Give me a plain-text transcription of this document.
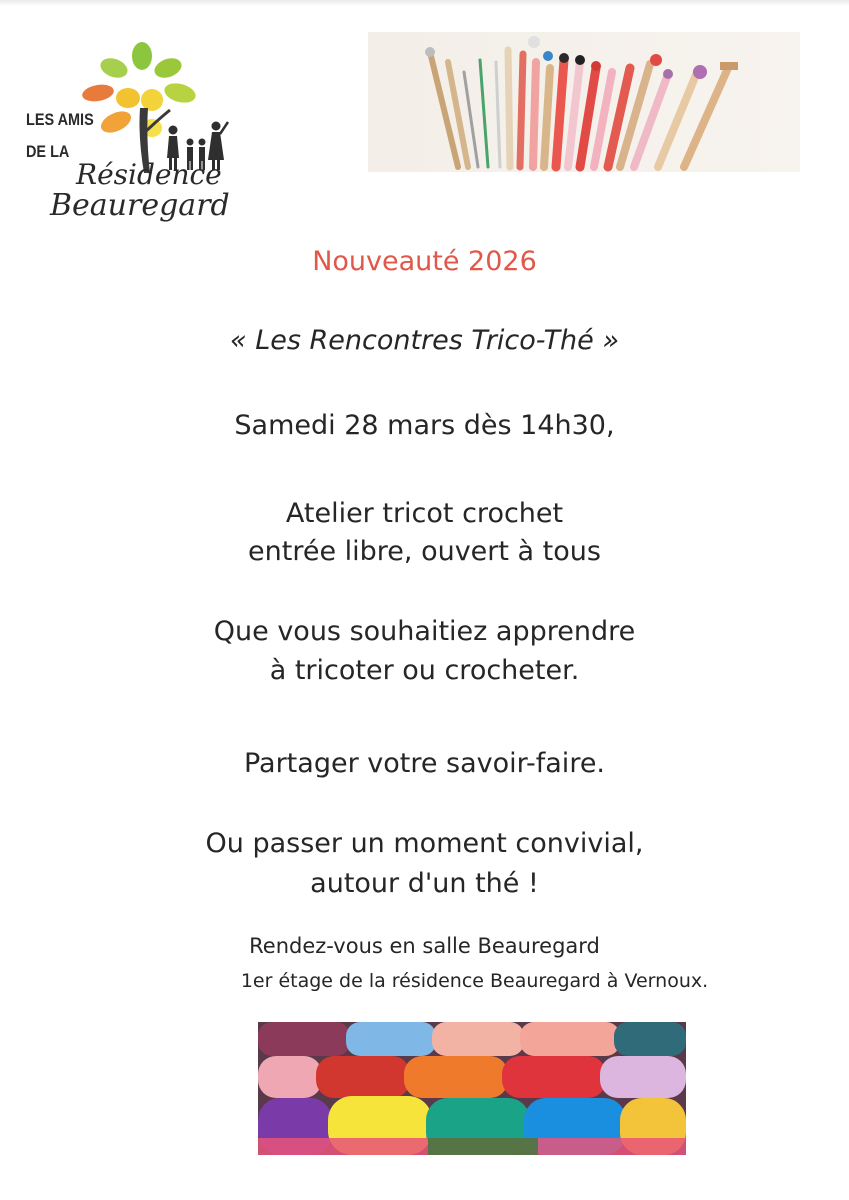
LES AMIS
DE LA
Résidence
Beauregard
Nouveauté 2026
« Les Rencontres Trico-Thé »
Samedi 28 mars dès 14h30,
Atelier tricot crochet
entrée libre, ouvert à tous
Que vous souhaitiez apprendre
à tricoter ou crocheter.
Partager votre savoir-faire.
Ou passer un moment convivial,
autour d'un thé !
Rendez-vous en salle Beauregard
1er étage de la résidence Beauregard à Vernoux.
